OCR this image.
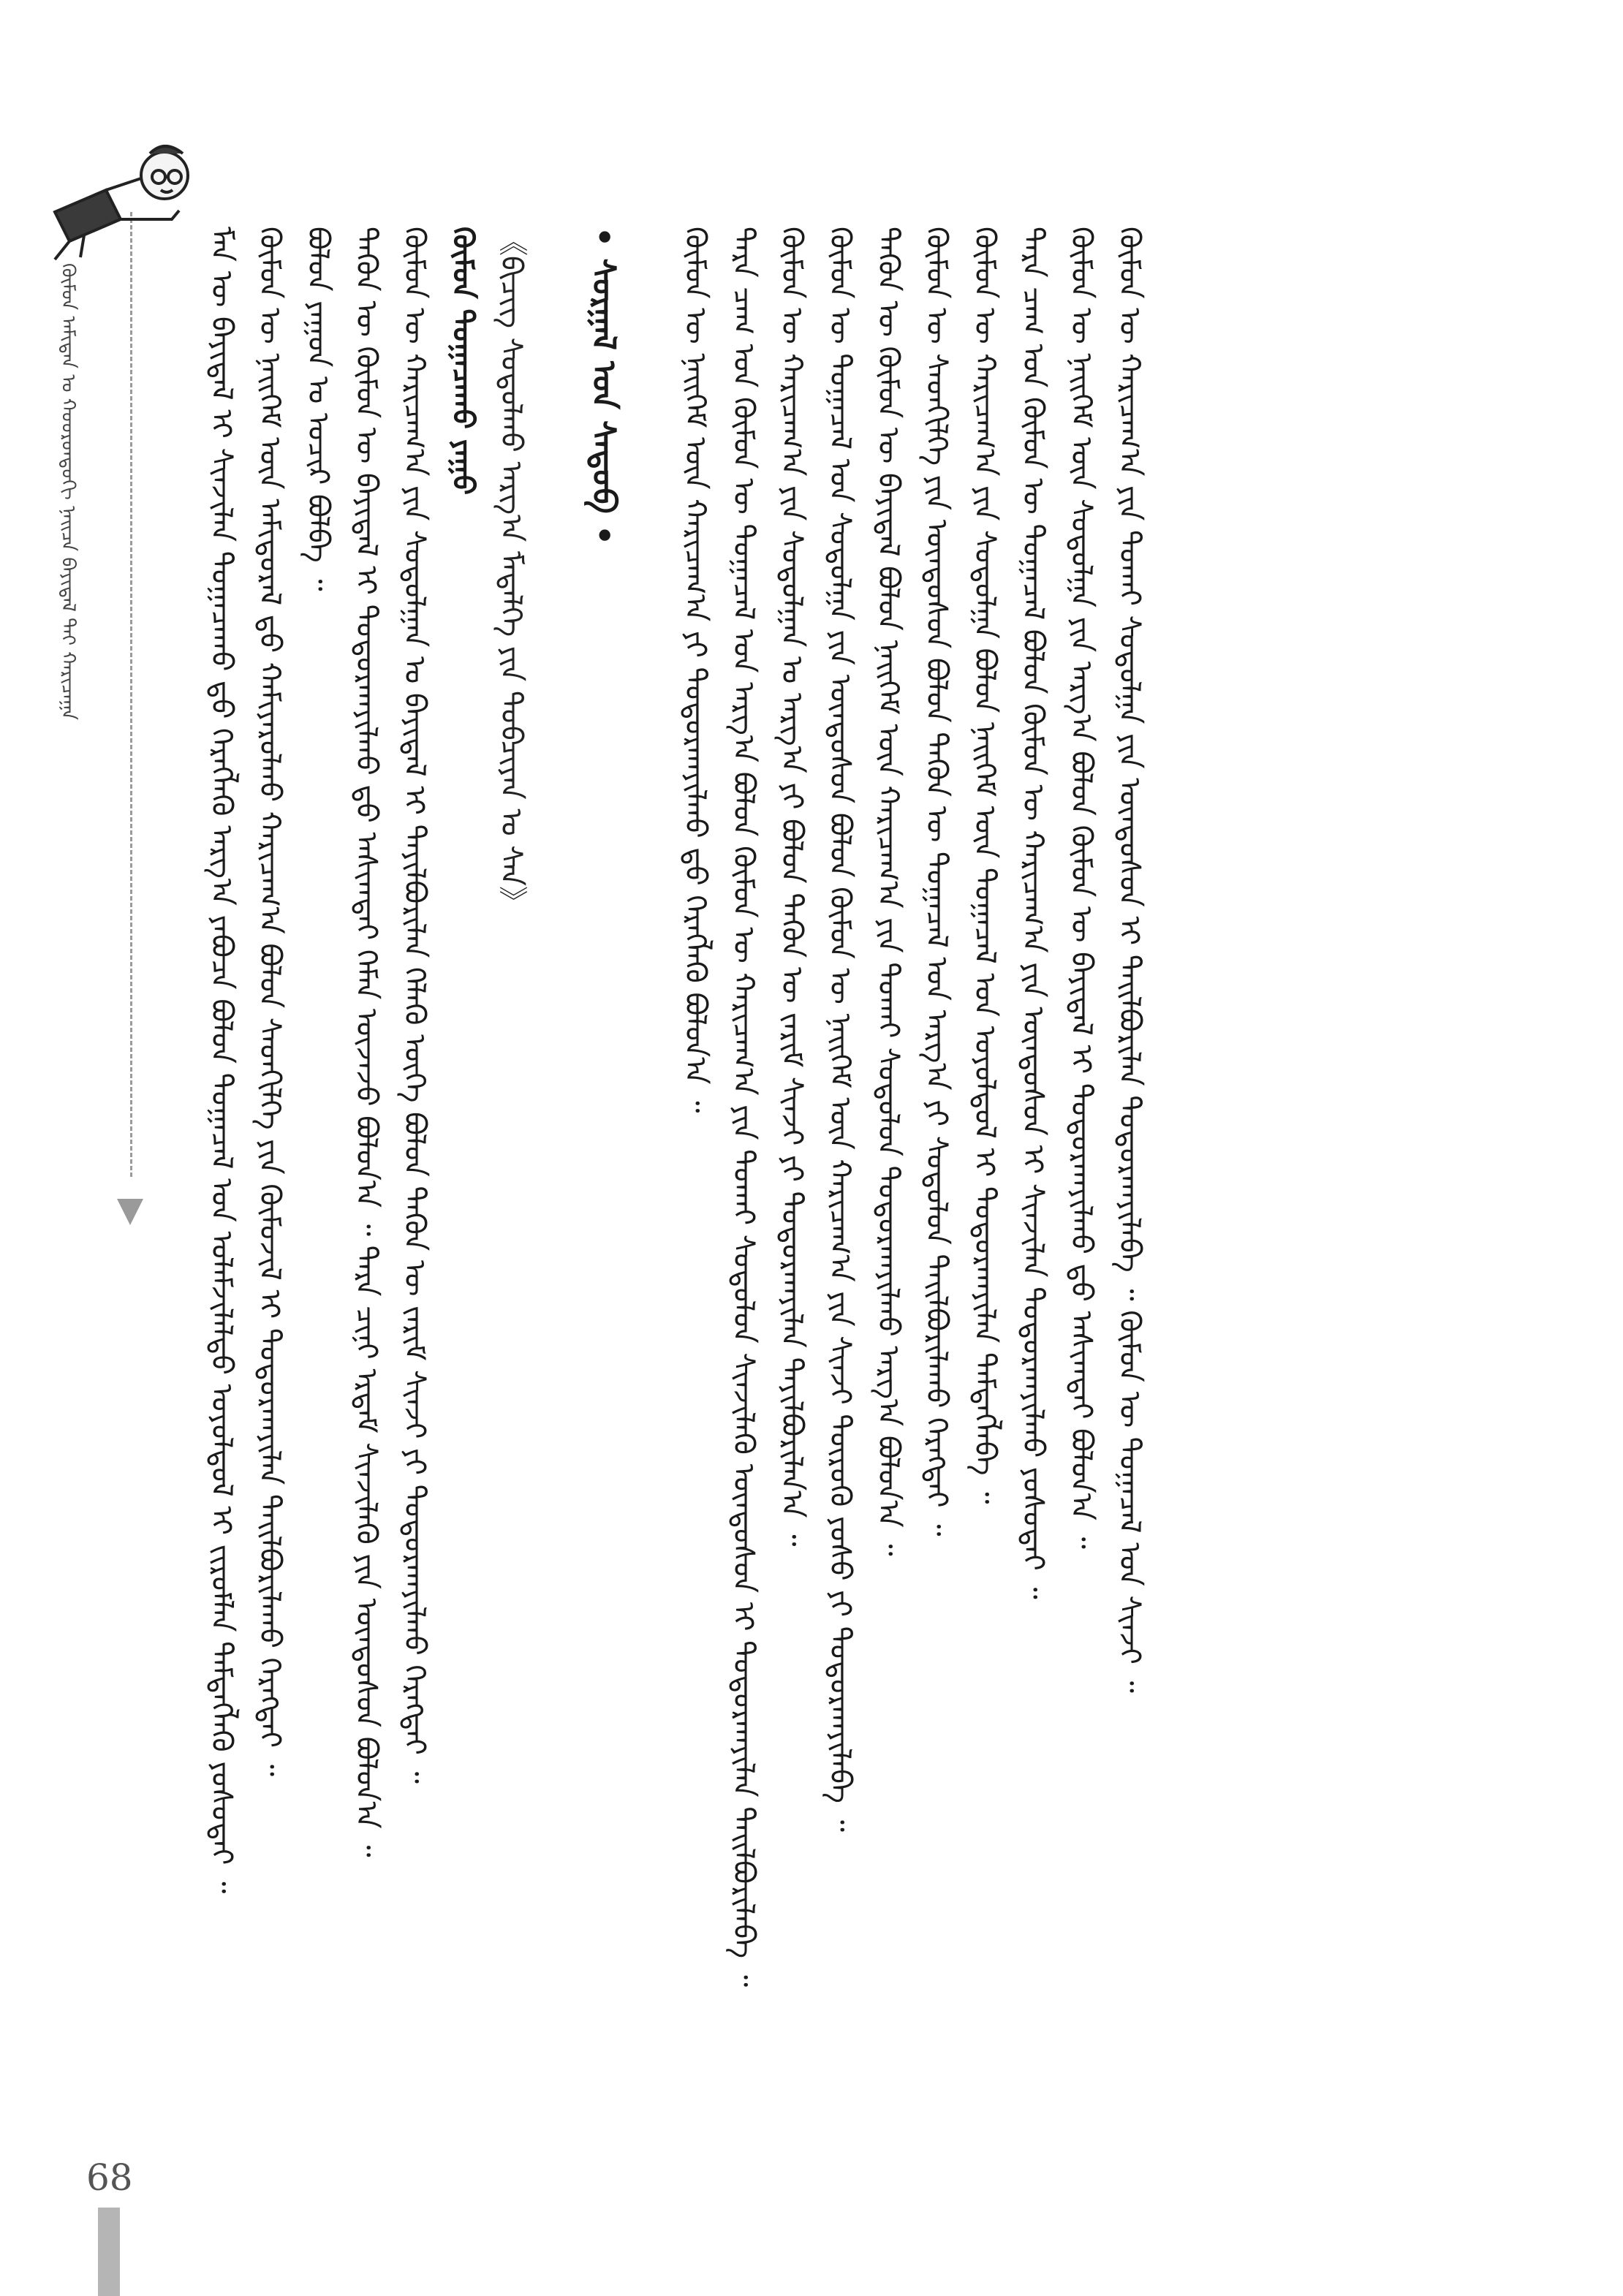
ᠬᠦᠮᠦᠨ ᠠᠮᠢᠲᠠᠨ ᠤ ᠬᠣᠣᠷᠣᠨᠳᠣᠬᠢ ᠨᠡᠢᠴᠡ ᠪᠠᠶᠢᠳᠠᠯ ᠲᠠᠢ ᠬᠠᠷᠢᠴᠠᠭᠠ	ᠮᠡᠨ ᠦ ᠪᠠᠶᠢᠳᠠᠯ ᠢ ᠰᠢᠨᠵᠢᠯᠡᠨ ᠲᠣᠭᠠᠴᠠᠬᠤ ᠳ᠋ᠤ ᠬᠡᠷᠡᠭᠯᠡᠬᠦ ᠠᠷᠭ᠎ᠠ ᠶᠠᠪᠤᠴᠠ ᠪᠣᠯᠤᠨ ᠲᠣᠭᠠᠴᠠᠯ ᠤᠨ ᠤᠯᠠᠮᠵᠢᠯᠠᠯᠲᠤ ᠤᠶᠤᠯᠳᠤᠯ ᠢ ᠵᠢᠷᠤᠮᠯᠠᠨ ᠲᠡᠮᠳᠡᠭᠯᠡᠬᠦ ᠶᠤᠰᠤᠲᠠᠢ ᠃ ᠬᠦᠮᠦᠨ ᠦ ᠨᠡᠢᠭᠡᠮ ᠦᠨ ᠠᠮᠢᠳᠤᠷᠠᠯ ᠳ᠋ᠤ ᠬᠠᠮᠢᠶᠠᠷᠤᠯᠬᠤ ᠬᠠᠷᠢᠴᠠᠭ᠎ᠠ ᠪᠣᠯᠤᠨ ᠰᠡᠳᠬᠢᠯᠭᠡ ᠶᠢᠨ ᠬᠦᠮᠦᠵᠢᠯ ᠢ ᠲᠣᠳᠣᠷᠬᠠᠶᠢᠯᠠᠨ ᠲᠠᠢᠯᠪᠤᠷᠢᠯᠠᠬᠤ ᠬᠡᠷᠡᠭᠲᠡᠢ ᠃ ᠪᠣᠯᠤᠨ ᠶᠠᠭᠤᠨ ᠤ ᠤᠴᠢᠷ ᠪᠣᠯᠪᠠ ᠃ ᠲᠡᠭᠦᠨ ᠦ ᠬᠦᠮᠦᠨ ᠦ ᠪᠠᠶᠢᠳᠠᠯ ᠢ ᠲᠣᠳᠣᠷᠬᠠᠶᠢᠯᠬᠤ ᠳ᠋ᠤ ᠠᠰᠢᠭᠲᠠᠢ ᠬᠡᠮᠡᠨ ᠦᠵᠡᠵᠦ ᠪᠣᠯᠣᠨ᠎ᠠ ᠃ ᠲᠡᠷᠡ ᠴᠢᠨᠢ ᠡᠷᠳᠡᠮ ᠰᠢᠨᠵᠢᠯᠡᠬᠦ ᠶᠢᠨ ᠦᠨᠳᠦᠰᠦᠨ ᠪᠣᠯᠤᠨ᠎ᠠ ᠃ ᠬᠦᠮᠦᠨ ᠦ ᠬᠠᠷᠢᠴᠠᠭ᠎ᠠ ᠶᠢᠨ ᠰᠤᠳᠤᠯᠭᠠᠨ ᠤ ᠪᠠᠶᠢᠳᠠᠯ ᠢ ᠲᠠᠶᠢᠯᠪᠤᠷᠢᠯᠠᠨ ᠬᠡᠯᠡᠬᠦ ᠦᠭᠡ ᠪᠣᠯᠤᠨ ᠲᠡᠭᠦᠨ ᠦ ᠵᠠᠷᠢᠮ ᠰᠢᠨᠵᠢ ᠶᠢ ᠲᠣᠳᠣᠷᠬᠠᠶᠢᠯᠬᠤ ᠬᠡᠷᠡᠭᠲᠡᠢ ᠃ ᠬᠦᠮᠦᠨ ᠲᠣᠭᠠᠴᠠᠬᠤ ᠶᠠᠭᠤ 《ᠪᠢᠴᠢᠭ ᠰᠤᠳᠤᠯᠬᠤ ᠠᠷᠭ᠎ᠠ ᠮᠡᠳᠡᠯᠭᠡ ᠶᠢᠨ ᠲᠣᠪᠴᠢᠶᠠᠨ ᠤ ᠰᠠᠨ》 • ᠰᠤᠷᠭᠠᠯ ᠤᠨ ᠰᠡᠳᠦᠪ • ᠬᠦᠮᠦᠨ ᠦ ᠨᠡᠢᠭᠡᠮ ᠦᠨ ᠬᠠᠷᠢᠴᠠᠭ᠎ᠠ ᠶᠢ ᠲᠣᠳᠣᠷᠬᠠᠶᠢᠯᠬᠤ ᠳ᠋ᠤ ᠬᠡᠷᠡᠭᠯᠡᠬᠦ ᠪᠣᠯᠤᠨ᠎ᠠ ᠃ ᠲᠡᠷᠡ ᠴᠠᠭ ᠤᠨ ᠬᠦᠮᠦᠨ ᠦ ᠲᠣᠭᠠᠴᠠᠯ ᠤᠨ ᠠᠷᠭ᠎ᠠ ᠪᠣᠯᠤᠨ ᠬᠦᠮᠦᠨ ᠦ ᠬᠠᠷᠢᠴᠠᠭ᠎ᠠ ᠶᠢᠨ ᠲᠤᠬᠠᠢ ᠰᠤᠳᠤᠯᠤᠨ ᠰᠢᠨᠵᠢᠯᠡᠬᠦ ᠦᠨᠳᠦᠰᠦᠨ ᠢ ᠲᠣᠳᠣᠷᠬᠠᠶᠢᠯᠠᠨ ᠲᠠᠢᠯᠪᠤᠷᠢᠯᠠᠪᠠ ᠃ ᠬᠦᠮᠦᠨ ᠦ ᠬᠠᠷᠢᠴᠠᠭ᠎ᠠ ᠶᠢᠨ ᠰᠤᠳᠤᠯᠭᠠᠨ ᠤ ᠠᠷᠭ᠎ᠠ ᠶᠢ ᠪᠣᠯᠤᠨ ᠲᠡᠭᠦᠨ ᠦ ᠵᠠᠷᠢᠮ ᠰᠢᠨᠵᠢ ᠶᠢ ᠲᠣᠳᠣᠷᠬᠠᠶᠢᠯᠠᠨ ᠲᠠᠶᠢᠯᠪᠤᠷᠢᠯᠠᠨ᠎ᠠ ᠃ ᠬᠦᠮᠦᠨ ᠦ ᠲᠣᠭᠠᠴᠠᠯ ᠤᠨ ᠰᠤᠳᠤᠯᠭᠠ ᠶᠢᠨ ᠦᠨᠳᠦᠰᠦᠨ ᠪᠣᠯᠤᠨ ᠬᠦᠮᠦᠨ ᠦ ᠨᠡᠢᠭᠡᠮ ᠦᠨ ᠬᠠᠷᠢᠴᠠᠭ᠎ᠠ ᠶᠢᠨ ᠰᠢᠨᠵᠢ ᠲᠦᠷᠦᠬᠦ ᠶᠤᠰᠤ ᠶᠢ ᠲᠣᠳᠣᠷᠬᠠᠶᠢᠯᠠᠪᠠ ᠃ ᠲᠡᠭᠦᠨ ᠦ ᠬᠦᠮᠦᠨ ᠦ ᠪᠠᠶᠢᠳᠠᠯ ᠪᠣᠯᠤᠨ ᠨᠡᠢᠭᠡᠮ ᠦᠨ ᠬᠠᠷᠢᠴᠠᠭ᠎ᠠ ᠶᠢᠨ ᠲᠤᠬᠠᠢ ᠰᠤᠳᠤᠯᠤᠨ ᠲᠣᠳᠣᠷᠬᠠᠶᠢᠯᠬᠤ ᠠᠷᠭ᠎ᠠ ᠪᠣᠯᠤᠨ᠎ᠠ ᠃ ᠬᠦᠮᠦᠨ ᠦ ᠰᠡᠳᠬᠢᠯᠭᠡ ᠶᠢᠨ ᠦᠨᠳᠦᠰᠦᠨ ᠪᠣᠯᠤᠨ ᠲᠡᠭᠦᠨ ᠦ ᠲᠣᠭᠠᠴᠠᠯ ᠤᠨ ᠠᠷᠭ᠎ᠠ ᠶᠢ ᠰᠤᠳᠤᠯᠤᠨ ᠲᠠᠢᠯᠪᠤᠷᠢᠯᠠᠬᠤ ᠬᠡᠷᠡᠭᠲᠡᠢ ᠃ ᠬᠦᠮᠦᠨ ᠦ ᠬᠠᠷᠢᠴᠠᠭ᠎ᠠ ᠶᠢᠨ ᠰᠤᠳᠤᠯᠭᠠ ᠪᠣᠯᠤᠨ ᠨᠡᠢᠭᠡᠮ ᠦᠨ ᠲᠣᠭᠠᠴᠠᠯ ᠤᠨ ᠤᠶᠤᠯᠳᠤᠯ ᠢ ᠲᠣᠳᠣᠷᠬᠠᠶᠢᠯᠠᠨ ᠲᠡᠮᠳᠡᠭᠯᠡᠪᠡ ᠃ ᠲᠡᠷᠡ ᠴᠠᠭ ᠤᠨ ᠬᠦᠮᠦᠨ ᠦ ᠲᠣᠭᠠᠴᠠᠯ ᠪᠣᠯᠤᠨ ᠬᠦᠮᠦᠨ ᠦ ᠬᠠᠷᠢᠴᠠᠭ᠎ᠠ ᠶᠢᠨ ᠦᠨᠳᠦᠰᠦᠨ ᠢ ᠰᠢᠨᠵᠢᠯᠡᠨ ᠲᠣᠳᠣᠷᠬᠠᠶᠢᠯᠬᠤ ᠶᠤᠰᠤᠲᠠᠢ ᠃ ᠬᠦᠮᠦᠨ ᠦ ᠨᠡᠢᠭᠡᠮ ᠦᠨ ᠰᠤᠳᠤᠯᠭᠠ ᠶᠢᠨ ᠠᠷᠭ᠎ᠠ ᠪᠣᠯᠤᠨ ᠬᠦᠮᠦᠨ ᠦ ᠪᠠᠶᠢᠳᠠᠯ ᠢ ᠲᠣᠳᠣᠷᠬᠠᠶᠢᠯᠬᠤ ᠳ᠋ᠤ ᠠᠰᠢᠭᠲᠠᠢ ᠪᠣᠯᠤᠨ᠎ᠠ ᠃ ᠬᠦᠮᠦᠨ ᠦ ᠬᠠᠷᠢᠴᠠᠭ᠎ᠠ ᠶᠢᠨ ᠲᠤᠬᠠᠢ ᠰᠤᠳᠤᠯᠭᠠ ᠶᠢᠨ ᠦᠨᠳᠦᠰᠦᠨ ᠢ ᠲᠠᠢᠯᠪᠤᠷᠢᠯᠠᠨ ᠲᠣᠳᠣᠷᠬᠠᠶᠢᠯᠠᠪᠠ ᠃ ᠬᠦᠮᠦᠨ ᠦ ᠲᠣᠭᠠᠴᠠᠯ ᠤᠨ ᠰᠢᠨᠵᠢ ᠃

68
